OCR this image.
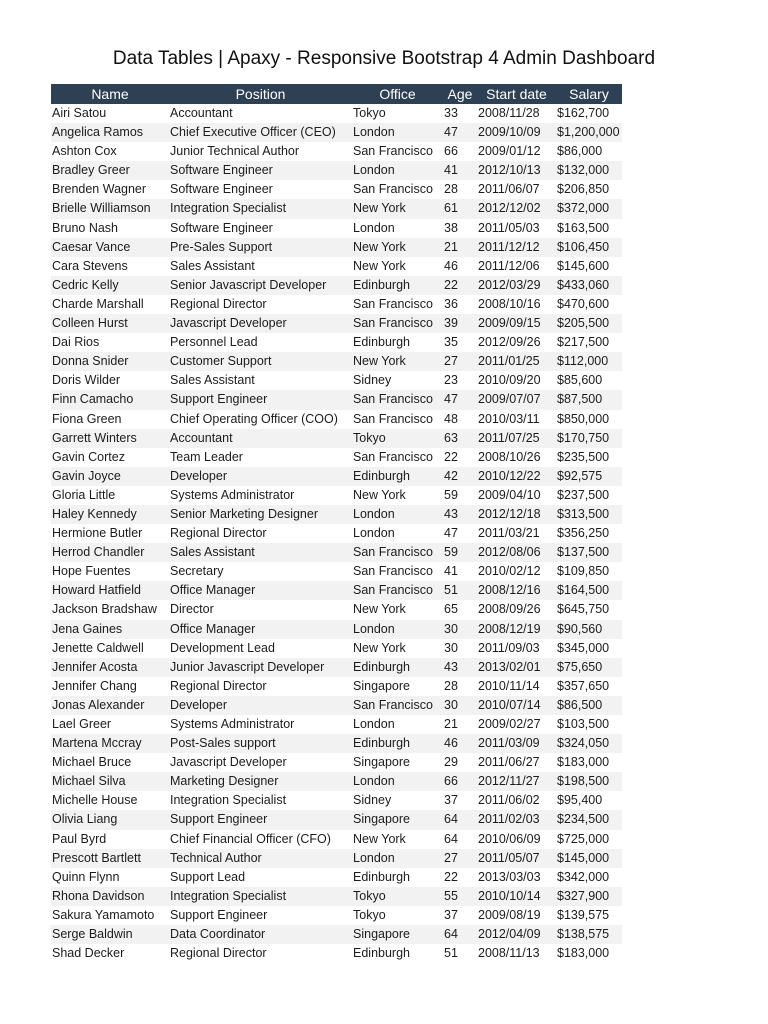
Data Tables | Apaxy - Responsive Bootstrap 4 Admin Dashboard
Name	Position	Office	Age	Start date	Salary
Airi Satou	Accountant	Tokyo	33	2008/11/28	$162,700
Angelica Ramos	Chief Executive Officer (CEO)	London	47	2009/10/09	$1,200,000
Ashton Cox	Junior Technical Author	San Francisco	66	2009/01/12	$86,000
Bradley Greer	Software Engineer	London	41	2012/10/13	$132,000
Brenden Wagner	Software Engineer	San Francisco	28	2011/06/07	$206,850
Brielle Williamson	Integration Specialist	New York	61	2012/12/02	$372,000
Bruno Nash	Software Engineer	London	38	2011/05/03	$163,500
Caesar Vance	Pre-Sales Support	New York	21	2011/12/12	$106,450
Cara Stevens	Sales Assistant	New York	46	2011/12/06	$145,600
Cedric Kelly	Senior Javascript Developer	Edinburgh	22	2012/03/29	$433,060
Charde Marshall	Regional Director	San Francisco	36	2008/10/16	$470,600
Colleen Hurst	Javascript Developer	San Francisco	39	2009/09/15	$205,500
Dai Rios	Personnel Lead	Edinburgh	35	2012/09/26	$217,500
Donna Snider	Customer Support	New York	27	2011/01/25	$112,000
Doris Wilder	Sales Assistant	Sidney	23	2010/09/20	$85,600
Finn Camacho	Support Engineer	San Francisco	47	2009/07/07	$87,500
Fiona Green	Chief Operating Officer (COO)	San Francisco	48	2010/03/11	$850,000
Garrett Winters	Accountant	Tokyo	63	2011/07/25	$170,750
Gavin Cortez	Team Leader	San Francisco	22	2008/10/26	$235,500
Gavin Joyce	Developer	Edinburgh	42	2010/12/22	$92,575
Gloria Little	Systems Administrator	New York	59	2009/04/10	$237,500
Haley Kennedy	Senior Marketing Designer	London	43	2012/12/18	$313,500
Hermione Butler	Regional Director	London	47	2011/03/21	$356,250
Herrod Chandler	Sales Assistant	San Francisco	59	2012/08/06	$137,500
Hope Fuentes	Secretary	San Francisco	41	2010/02/12	$109,850
Howard Hatfield	Office Manager	San Francisco	51	2008/12/16	$164,500
Jackson Bradshaw	Director	New York	65	2008/09/26	$645,750
Jena Gaines	Office Manager	London	30	2008/12/19	$90,560
Jenette Caldwell	Development Lead	New York	30	2011/09/03	$345,000
Jennifer Acosta	Junior Javascript Developer	Edinburgh	43	2013/02/01	$75,650
Jennifer Chang	Regional Director	Singapore	28	2010/11/14	$357,650
Jonas Alexander	Developer	San Francisco	30	2010/07/14	$86,500
Lael Greer	Systems Administrator	London	21	2009/02/27	$103,500
Martena Mccray	Post-Sales support	Edinburgh	46	2011/03/09	$324,050
Michael Bruce	Javascript Developer	Singapore	29	2011/06/27	$183,000
Michael Silva	Marketing Designer	London	66	2012/11/27	$198,500
Michelle House	Integration Specialist	Sidney	37	2011/06/02	$95,400
Olivia Liang	Support Engineer	Singapore	64	2011/02/03	$234,500
Paul Byrd	Chief Financial Officer (CFO)	New York	64	2010/06/09	$725,000
Prescott Bartlett	Technical Author	London	27	2011/05/07	$145,000
Quinn Flynn	Support Lead	Edinburgh	22	2013/03/03	$342,000
Rhona Davidson	Integration Specialist	Tokyo	55	2010/10/14	$327,900
Sakura Yamamoto	Support Engineer	Tokyo	37	2009/08/19	$139,575
Serge Baldwin	Data Coordinator	Singapore	64	2012/04/09	$138,575
Shad Decker	Regional Director	Edinburgh	51	2008/11/13	$183,000
